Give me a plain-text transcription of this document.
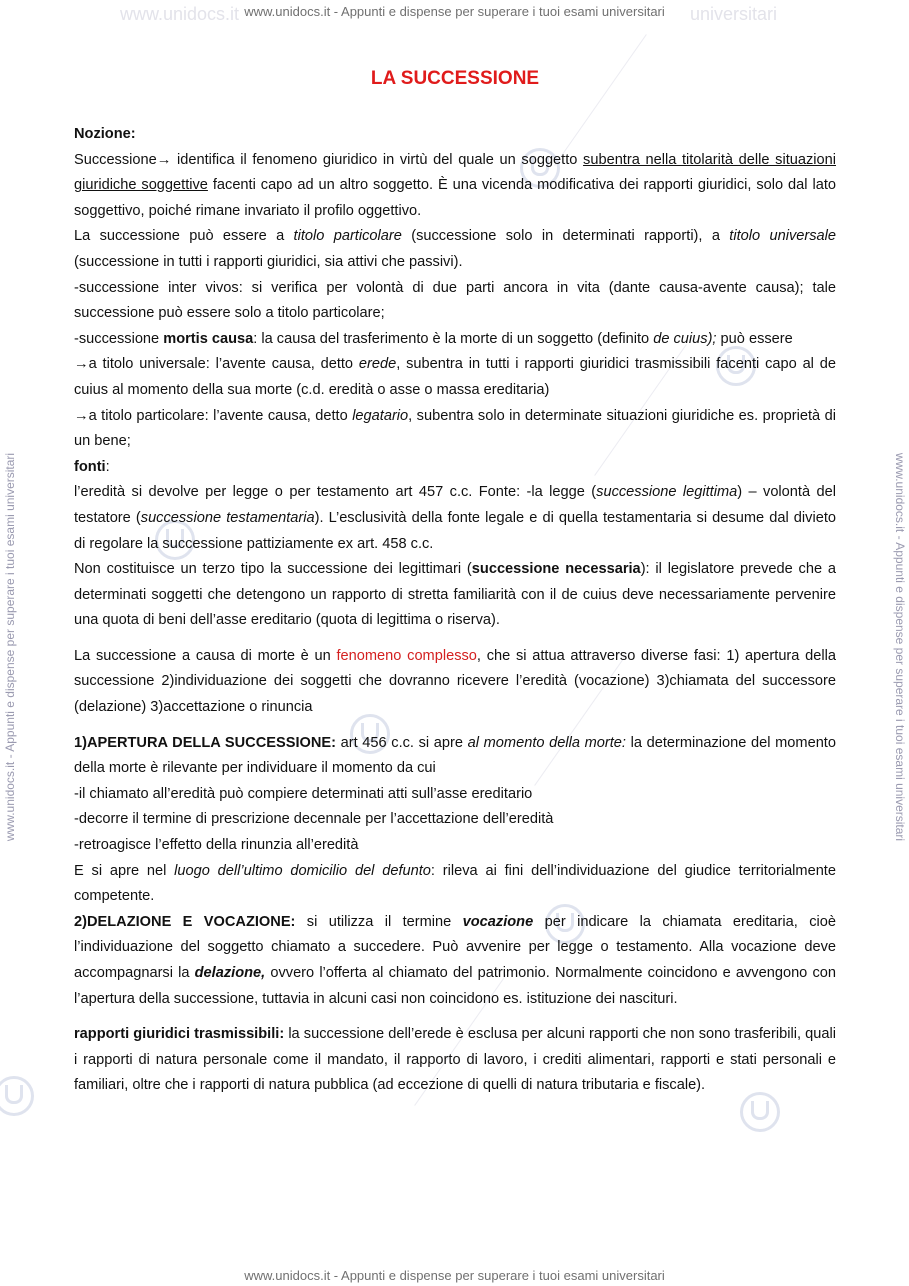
www.unidocs.it	universitari
www.unidocs.it - Appunti e dispense per superare i tuoi esami universitari
www.unidocs.it - Appunti e dispense per superare i tuoi esami universitari
www.unidocs.it - Appunti e dispense per superare i tuoi esami universitari	www.unidocs.it - Appunti e dispense per superare i tuoi esami universitari
LA SUCCESSIONE

Nozione:

Successione→ identifica il fenomeno giuridico in virtù del quale un soggetto subentra nella titolarità delle situazioni giuridiche soggettive facenti capo ad un altro soggetto. È una vicenda modificativa dei rapporti giuridici, solo dal lato soggettivo, poiché rimane invariato il profilo oggettivo.

La successione può essere a titolo particolare (successione solo in determinati rapporti), a titolo universale (successione in tutti i rapporti giuridici, sia attivi che passivi).

-successione inter vivos: si verifica per volontà di due parti ancora in vita (dante causa-avente causa); tale successione può essere solo a titolo particolare;

-successione mortis causa: la causa del trasferimento è la morte di un soggetto (definito de cuius); può essere

→a titolo universale: l’avente causa, detto erede, subentra in tutti i rapporti giuridici trasmissibili facenti capo al de cuius al momento della sua morte (c.d. eredità o asse o massa ereditaria)

→a titolo particolare: l’avente causa, detto legatario, subentra solo in determinate situazioni giuridiche es. proprietà di un bene;

fonti:

l’eredità si devolve per legge o per testamento art 457 c.c. Fonte: -la legge (successione legittima) – volontà del testatore (successione testamentaria). L’esclusività della fonte legale e di quella testamentaria si desume dal divieto di regolare la successione pattiziamente ex art. 458 c.c.

Non costituisce un terzo tipo la successione dei legittimari (successione necessaria): il legislatore prevede che a determinati soggetti che detengono un rapporto di stretta familiarità con il de cuius deve necessariamente pervenire una quota di beni dell’asse ereditario (quota di legittima o riserva).

La successione a causa di morte è un fenomeno complesso, che si attua attraverso diverse fasi: 1) apertura della successione 2)individuazione dei soggetti che dovranno ricevere l’eredità (vocazione) 3)chiamata del successore (delazione) 3)accettazione o rinuncia

1)APERTURA DELLA SUCCESSIONE: art 456 c.c. si apre al momento della morte: la determinazione del momento della morte è rilevante per individuare il momento da cui

-il chiamato all’eredità può compiere determinati atti sull’asse ereditario

-decorre il termine di prescrizione decennale per l’accettazione dell’eredità

-retroagisce l’effetto della rinunzia all’eredità

E si apre nel luogo dell’ultimo domicilio del defunto: rileva ai fini dell’individuazione del giudice territorialmente competente.

2)DELAZIONE E VOCAZIONE: si utilizza il termine vocazione per indicare la chiamata ereditaria, cioè l’individuazione del soggetto chiamato a succedere. Può avvenire per legge o testamento. Alla vocazione deve accompagnarsi la delazione, ovvero l’offerta al chiamato del patrimonio. Normalmente coincidono e avvengono con l’apertura della successione, tuttavia in alcuni casi non coincidono es. istituzione dei nascituri.

rapporti giuridici trasmissibili: la successione dell’erede è esclusa per alcuni rapporti che non sono trasferibili, quali i rapporti di natura personale come il mandato, il rapporto di lavoro, i crediti alimentari, rapporti e stati personali e familiari, oltre che i rapporti di natura pubblica (ad eccezione di quelli di natura tributaria e fiscale).
